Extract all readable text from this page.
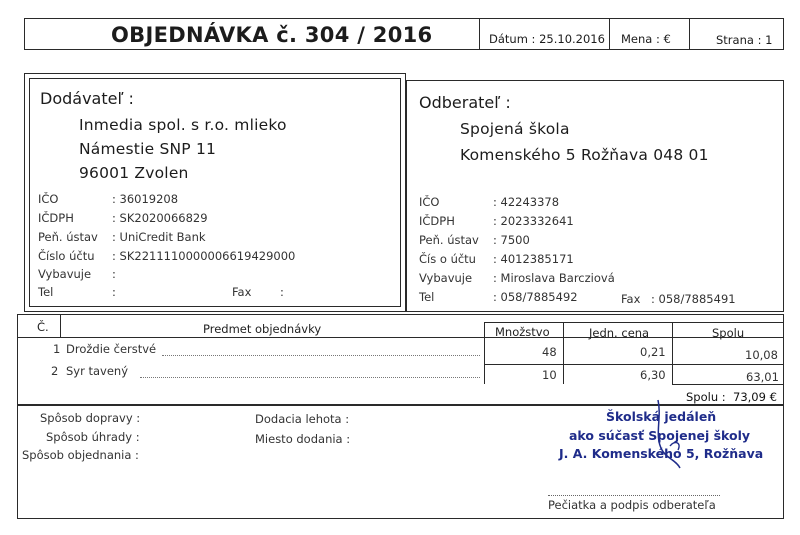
OBJEDNÁVKA č. 304 / 2016	Dátum : 25.10.2016 Mena : €	Strana : 1
Dodávateľ :
Inmedia spol. s r.o. mlieko
Námestie SNP 11
96001 Zvolen
IČO	: 36019208
IČDPH	: SK2020066829
Peň. ústav : UniCredit Bank
Číslo účtu : SK2211110000006619429000
Vybavuje :
Tel	:	Fax :
Odberateľ :
Spojená škola
Komenského 5 Rožňava 048 01
IČO	: 42243378
IČDPH	: 2023332641
Peň. ústav : 7500
Čís o účtu : 4012385171
Vybavuje : Miroslava Barcziová
Tel	: 058/7885492	Fax : 058/7885491
Č.	Predmet objednávky	Množstvo	Jedn. cena	Spolu
1 Droždie čerstvé	48	0,21	10,08
2 Syr tavený	10	6,30	63,01
Spolu : 73,09 €
Spôsob dopravy :
Spôsob úhrady :
Spôsob objednania :
Dodacia lehota :
Miesto dodania :
Školská jedáleň
ako súčasť Spojenej školy
J. A. Komenského 5, Rožňava
Pečiatka a podpis odberateľa
